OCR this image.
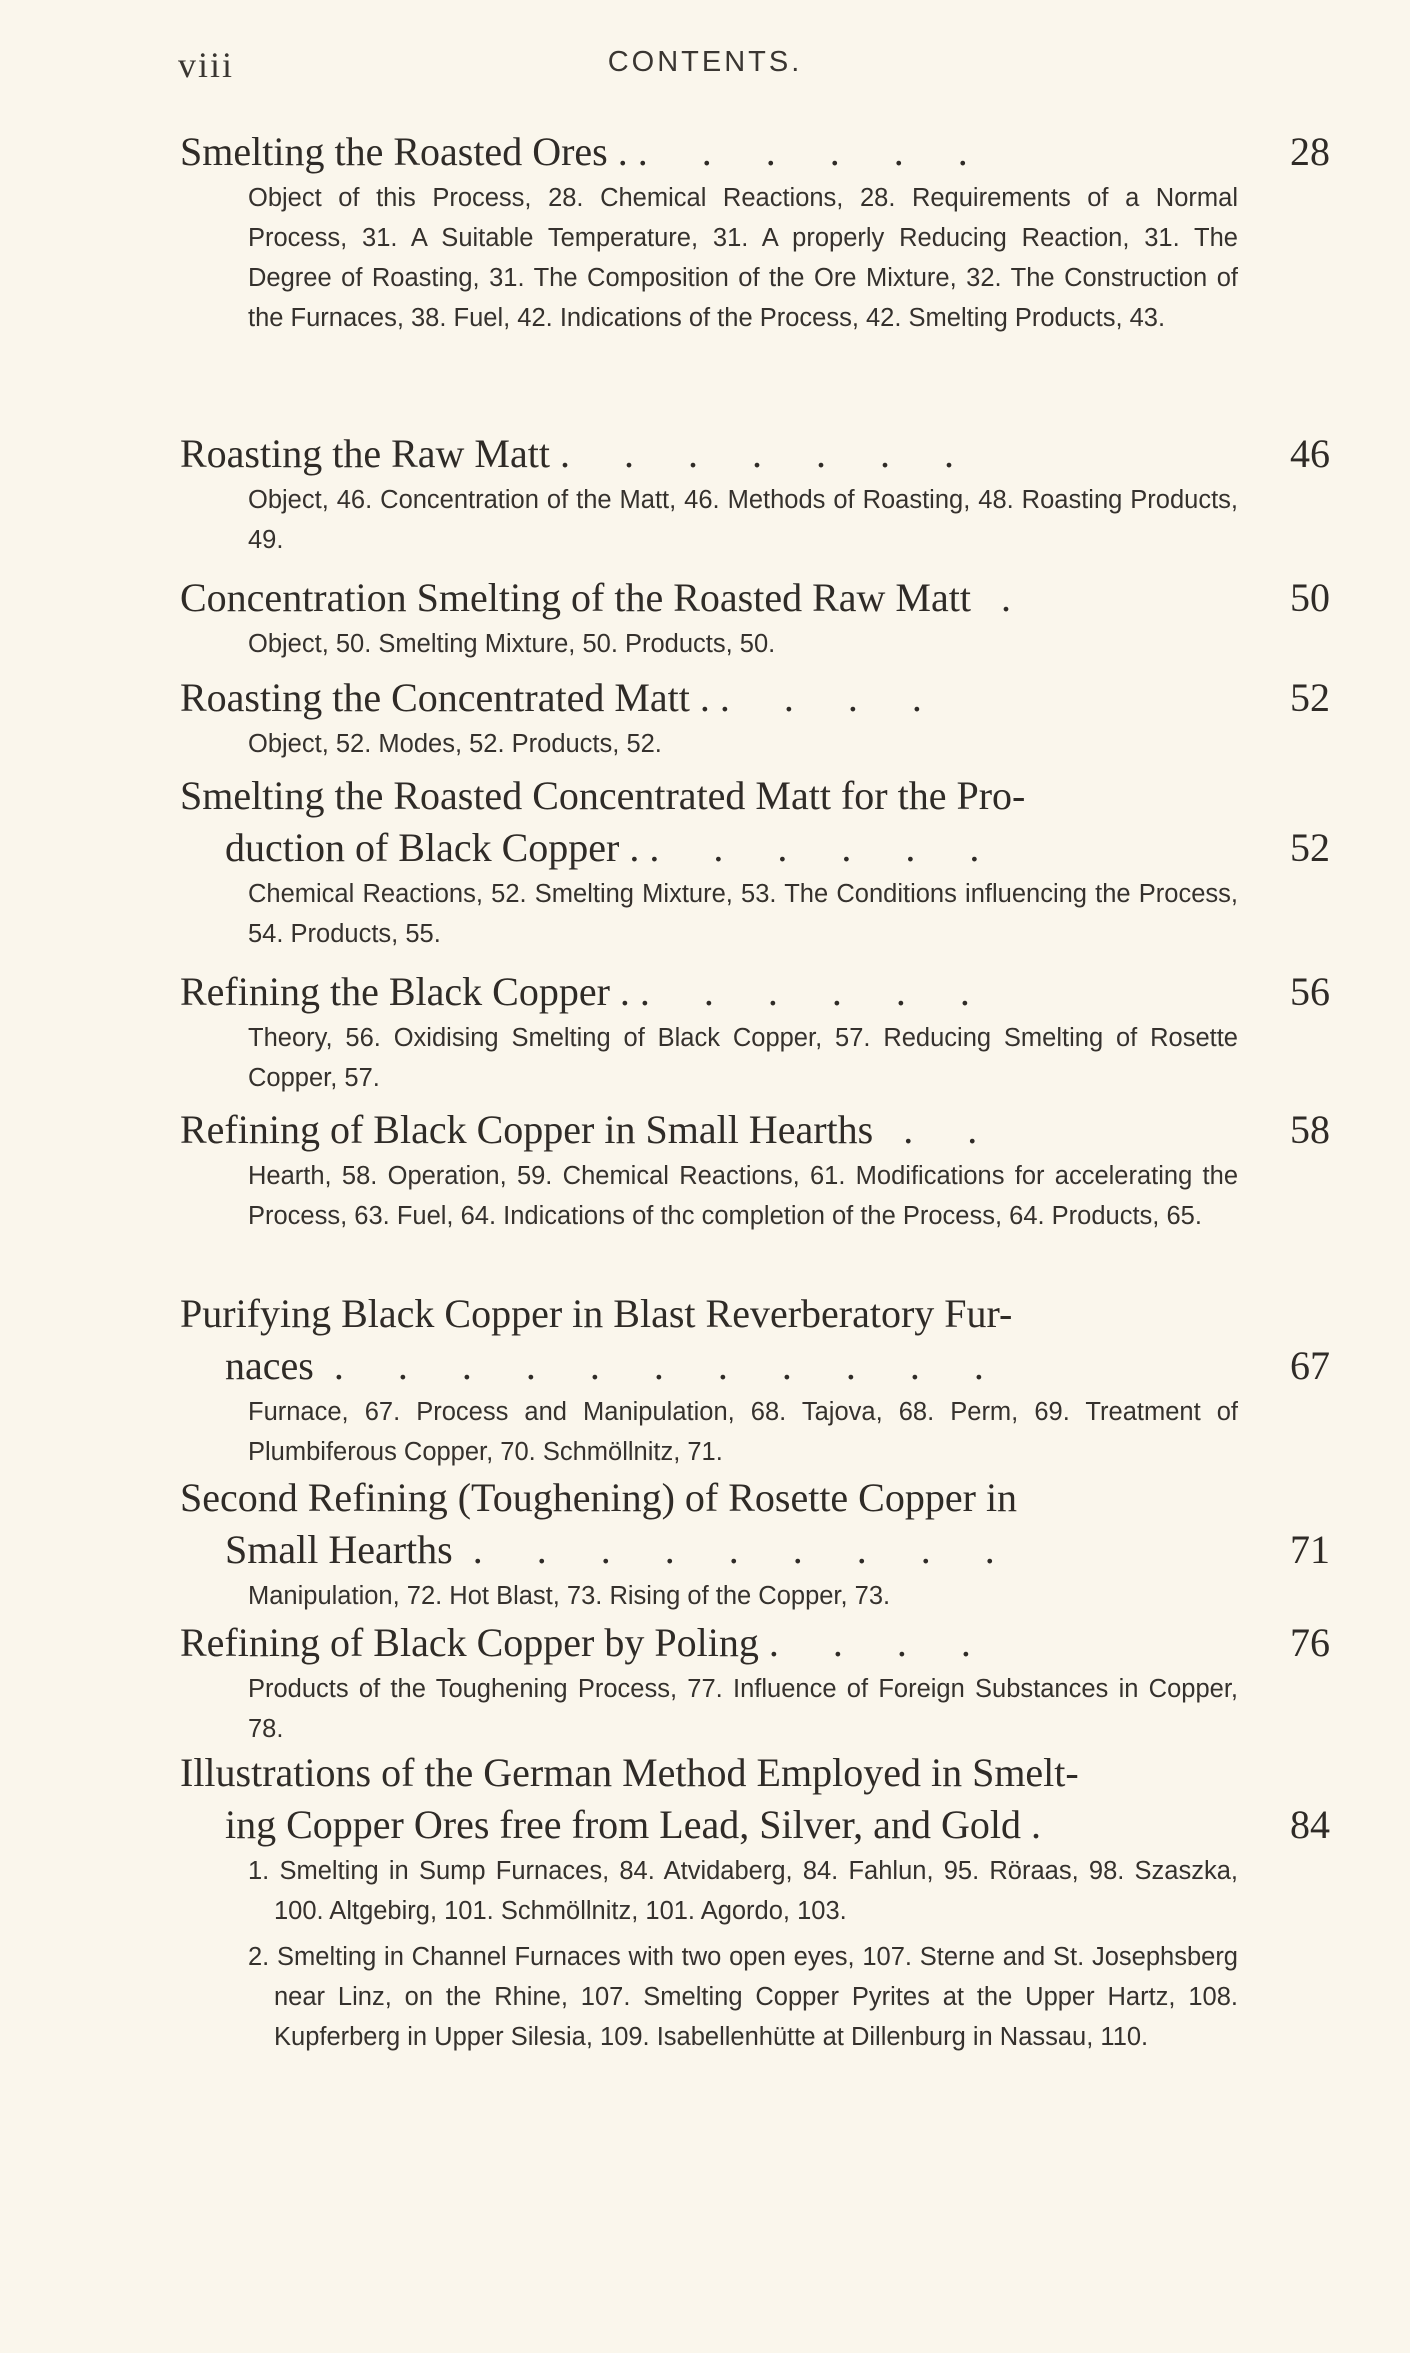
viii	CONTENTS.
Smelting the Roasted Ores . . . . . . .	28

Object of this Process, 28. Chemical Reactions, 28. Requirements of a Normal Process, 31. A Suitable Temperature, 31. A properly Reducing Reaction, 31. The Degree of Roasting, 31. The Composition of the Ore Mixture, 32. The Construction of the Furnaces, 38. Fuel, 42. Indications of the Process, 42. Smelting Products, 43.

Roasting the Raw Matt . . . . . . .	46

Object, 46. Concentration of the Matt, 46. Methods of Roasting, 48. Roasting Products, 49.

Concentration Smelting of the Roasted Raw Matt .	50

Object, 50. Smelting Mixture, 50. Products, 50.

Roasting the Concentrated Matt . . . . .	52

Object, 52. Modes, 52. Products, 52.

Smelting the Roasted Concentrated Matt for the Pro-
duction of Black Copper . . . . . . .	52

Chemical Reactions, 52. Smelting Mixture, 53. The Conditions influencing the Process, 54. Products, 55.

Refining the Black Copper . . . . . . .	56

Theory, 56. Oxidising Smelting of Black Copper, 57. Reducing Smelting of Rosette Copper, 57.

Refining of Black Copper in Small Hearths . .	58

Hearth, 58. Operation, 59. Chemical Reactions, 61. Modifications for accelerating the Process, 63. Fuel, 64. Indications of thc completion of the Process, 64. Products, 65.

Purifying Black Copper in Blast Reverberatory Fur-
naces . . . . . . . . . . .	67

Furnace, 67. Process and Manipulation, 68. Tajova, 68. Perm, 69. Treatment of Plumbiferous Copper, 70. Schmöllnitz, 71.

Second Refining (Toughening) of Rosette Copper in
Small Hearths . . . . . . . . .	71

Manipulation, 72. Hot Blast, 73. Rising of the Copper, 73.

Refining of Black Copper by Poling . . . .	76

Products of the Toughening Process, 77. Influence of Foreign Substances in Copper, 78.

Illustrations of the German Method Employed in Smelt-
ing Copper Ores free from Lead, Silver, and Gold .	84

1. Smelting in Sump Furnaces, 84. Atvidaberg, 84. Fahlun, 95. Röraas, 98. Szaszka, 100. Altgebirg, 101. Schmöllnitz, 101. Agordo, 103.

2. Smelting in Channel Furnaces with two open eyes, 107. Sterne and St. Josephsberg near Linz, on the Rhine, 107. Smelting Copper Pyrites at the Upper Hartz, 108. Kupferberg in Upper Silesia, 109. Isabellenhütte at Dillenburg in Nassau, 110.
